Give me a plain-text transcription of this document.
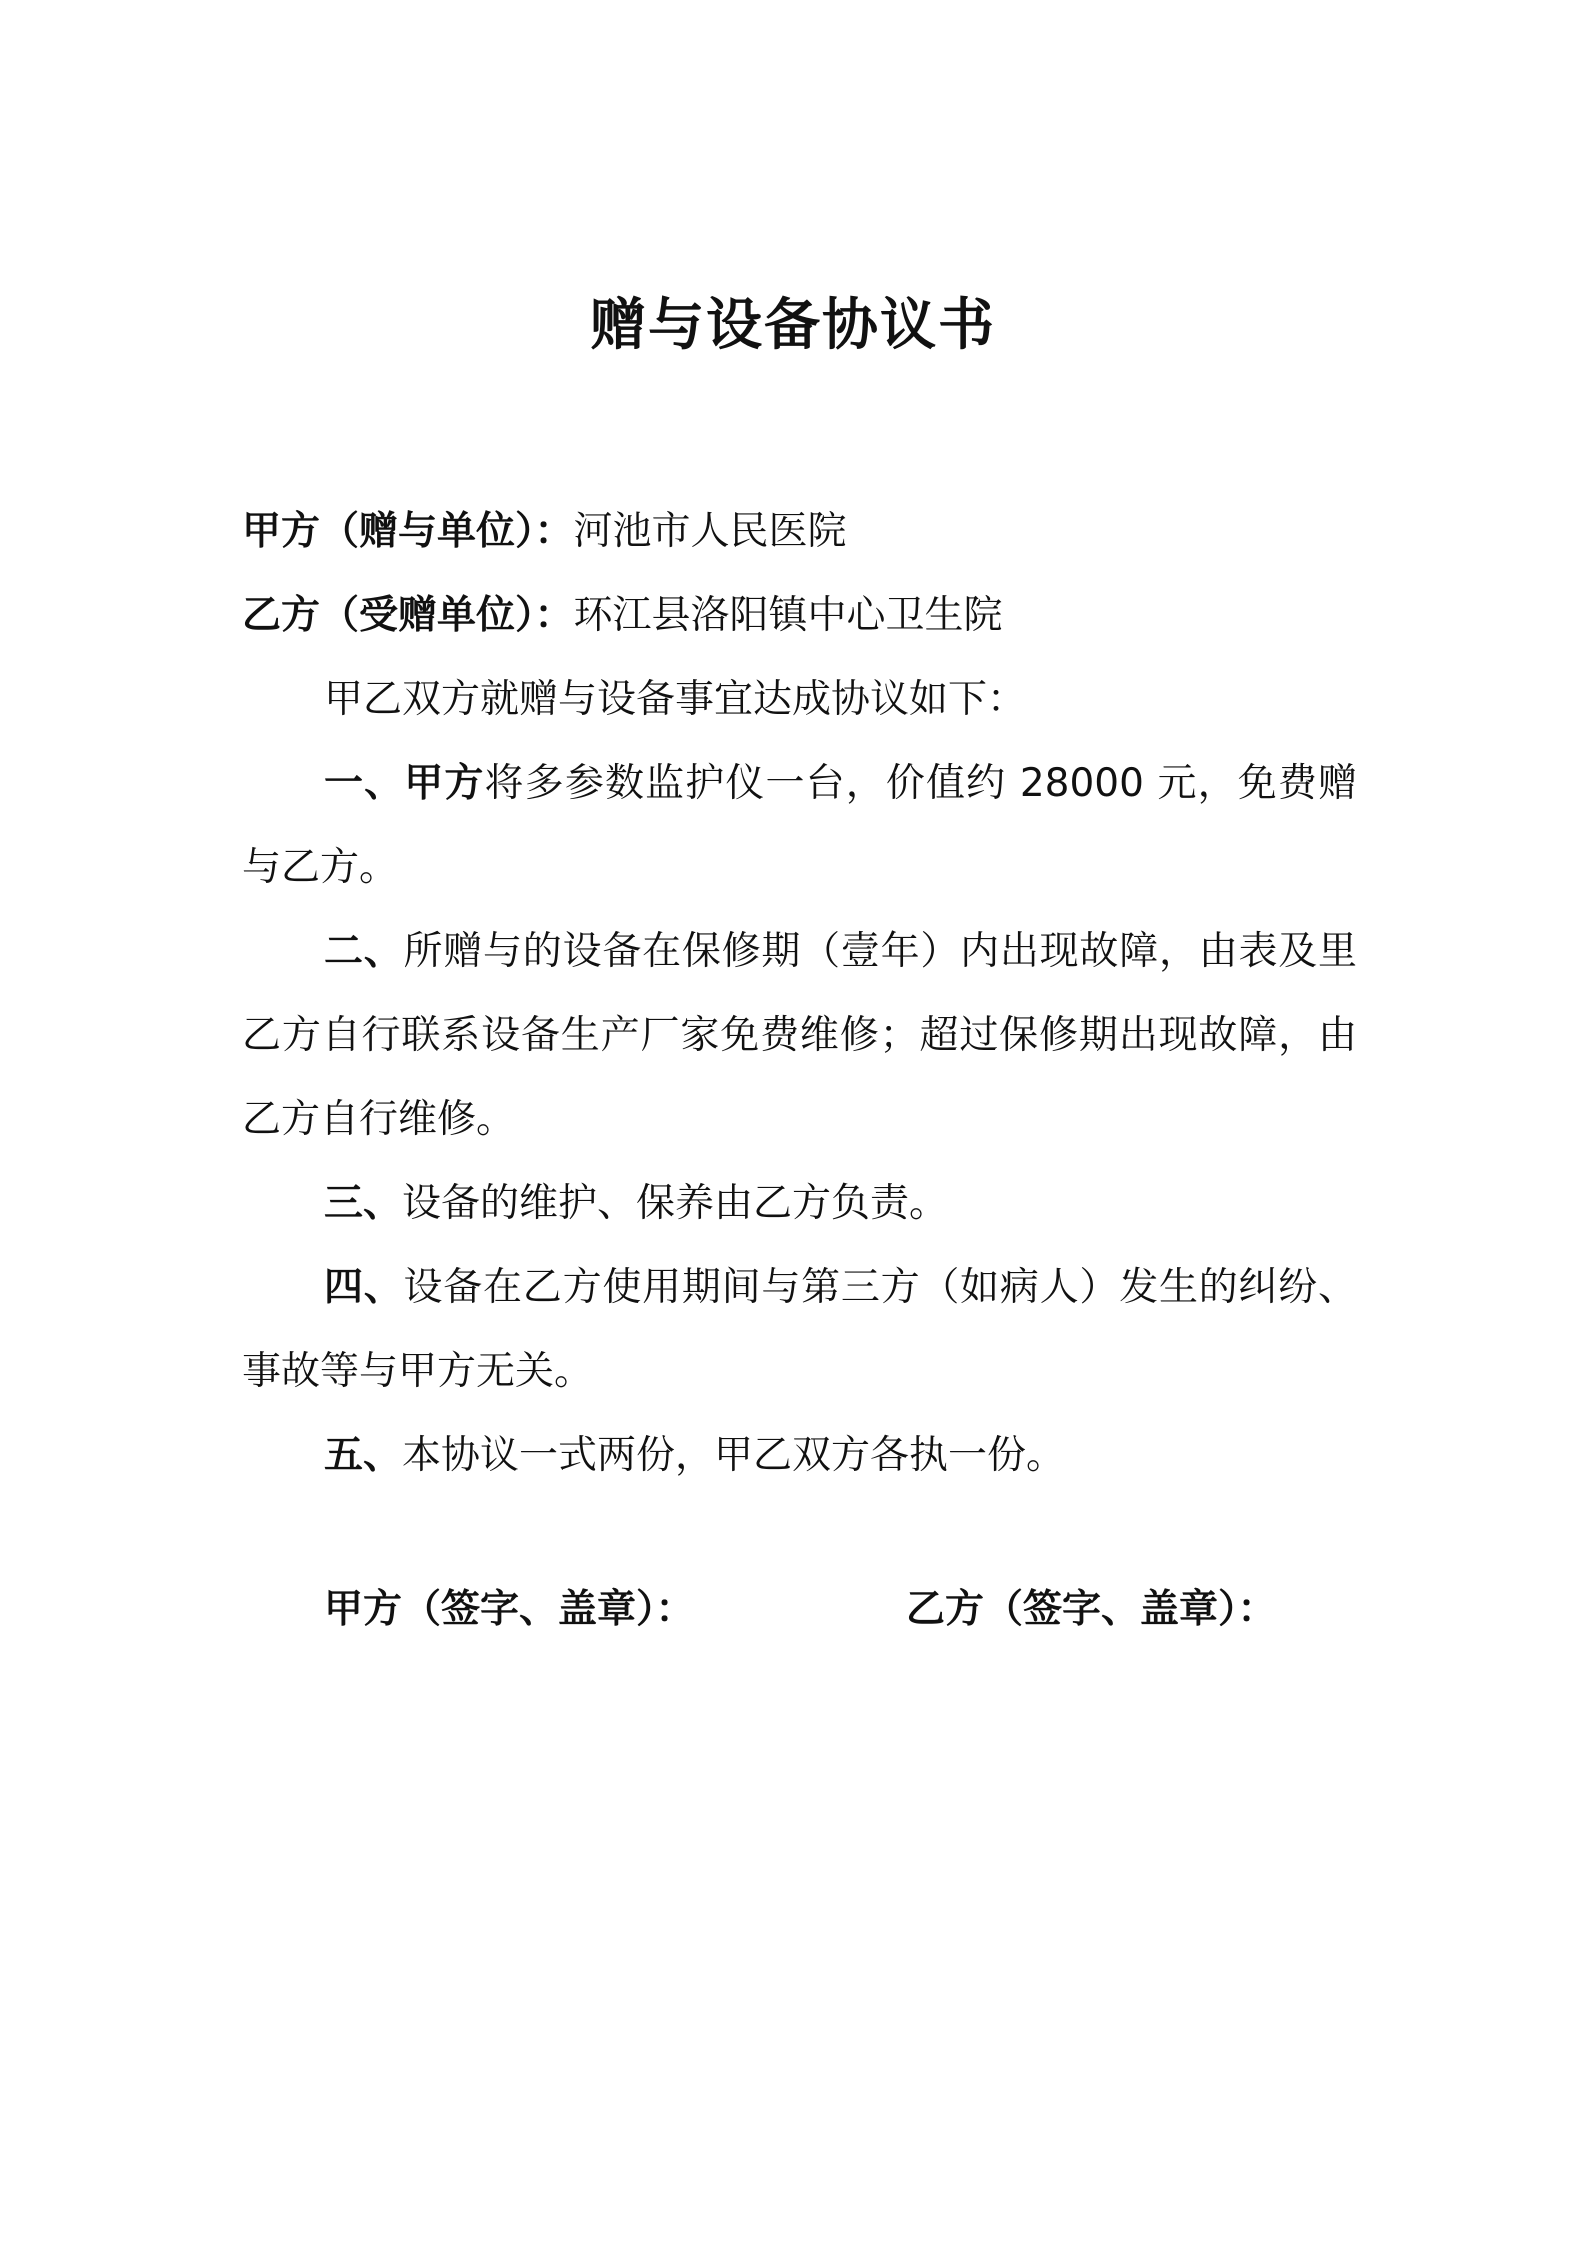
赠与设备协议书

甲方（赠与单位）：河池市人民医院

乙方（受赠单位）：环江县洛阳镇中心卫生院

甲乙双方就赠与设备事宜达成协议如下：

一、甲方将多参数监护仪一台，价值约 28000 元，免费赠与乙方。

二、所赠与的设备在保修期（壹年）内出现故障，由表及里乙方自行联系设备生产厂家免费维修；超过保修期出现故障，由乙方自行维修。

三、设备的维护、保养由乙方负责。

四、设备在乙方使用期间与第三方（如病人）发生的纠纷、事故等与甲方无关。

五、本协议一式两份，甲乙双方各执一份。

甲方（签字、盖章）：	乙方（签字、盖章）：
